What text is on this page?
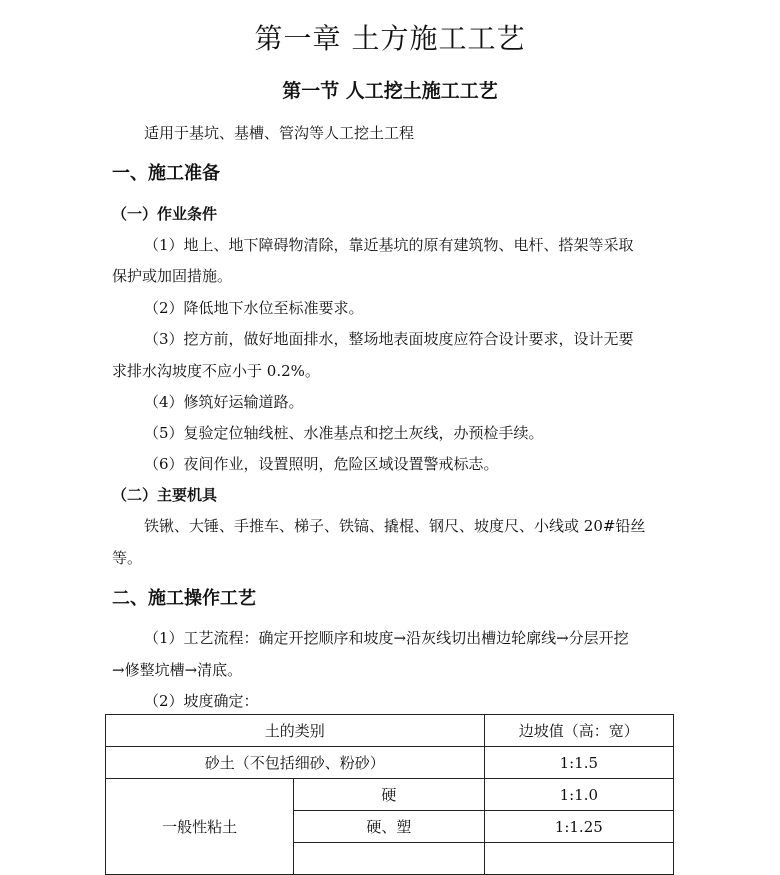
第一章 土方施工工艺
第一节 人工挖土施工工艺
适用于基坑、基槽、管沟等人工挖土工程
一、施工准备
（一）作业条件
（1）地上、地下障碍物清除，靠近基坑的原有建筑物、电杆、搭架等采取
保护或加固措施。
（2）降低地下水位至标准要求。
（3）挖方前，做好地面排水，整场地表面坡度应符合设计要求，设计无要
求排水沟坡度不应小于 0.2%。
（4）修筑好运输道路。
（5）复验定位轴线桩、水准基点和挖土灰线，办预检手续。
（6）夜间作业，设置照明，危险区域设置警戒标志。
（二）主要机具
铁锹、大锤、手推车、梯子、铁镐、撬棍、钢尺、坡度尺、小线或 20#铅丝
等。
二、施工操作工艺
（1）工艺流程：确定开挖顺序和坡度→沿灰线切出槽边轮廓线→分层开挖
→修整坑槽→清底。
（2）坡度确定：
土的类别		边坡值（高：宽）
砂土（不包括细砂、粉砂）		1:1.5
一般性粘土	硬	1:1.0
	硬、塑	1:1.25
